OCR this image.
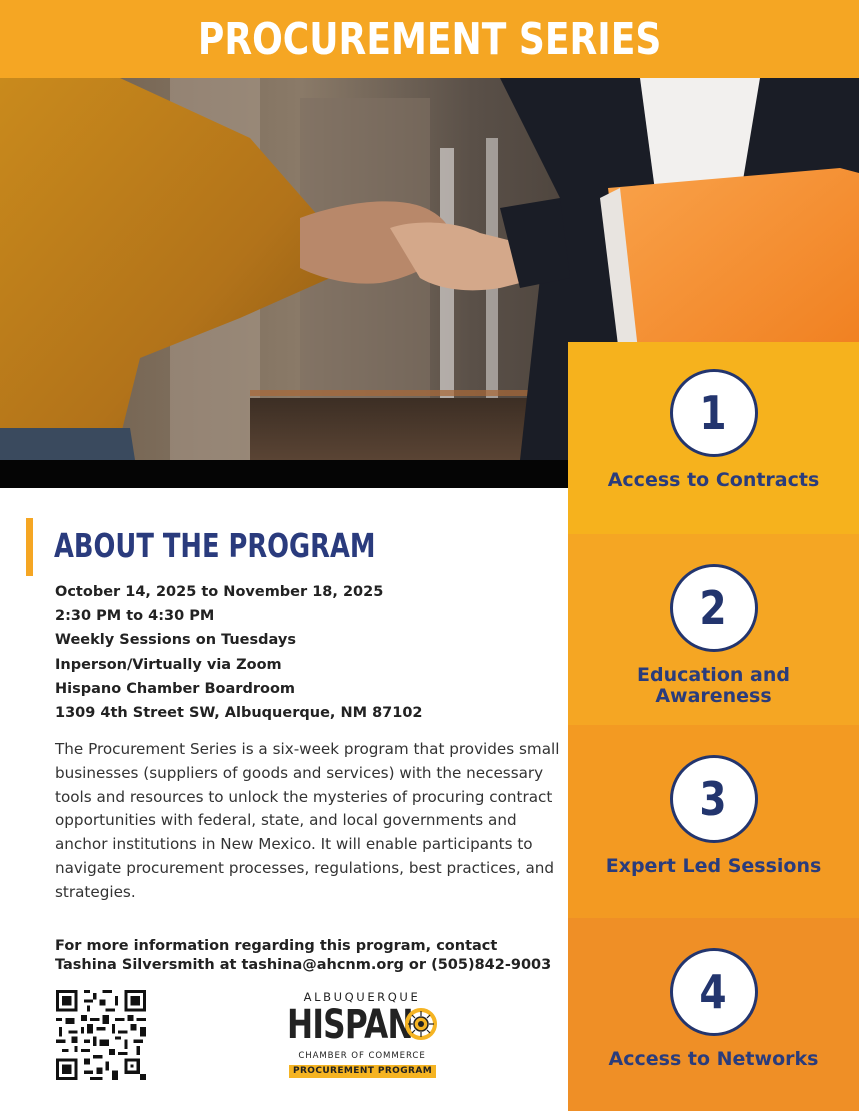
PROCUREMENT SERIES
1
Access to Contracts
2
Education and Awareness
3
Expert Led Sessions
4
Access to Networks
ABOUT THE PROGRAM
October 14, 2025 to November 18, 2025
2:30 PM to 4:30 PM
Weekly Sessions on Tuesdays
Inperson/Virtually via Zoom
Hispano Chamber Boardroom
1309 4th Street SW, Albuquerque, NM 87102
The Procurement Series is a six-week program that provides small businesses (suppliers of goods and services) with the necessary tools and resources to unlock the mysteries of procuring contract opportunities with federal, state, and local governments and anchor institutions in New Mexico. It will enable participants to navigate procurement processes, regulations, best practices, and strategies.
For more information regarding this program, contact
Tashina Silversmith at tashina@ahcnm.org or (505)842-9003
ALBUQUERQUE
HISPAN
CHAMBER OF COMMERCE
PROCUREMENT PROGRAM
